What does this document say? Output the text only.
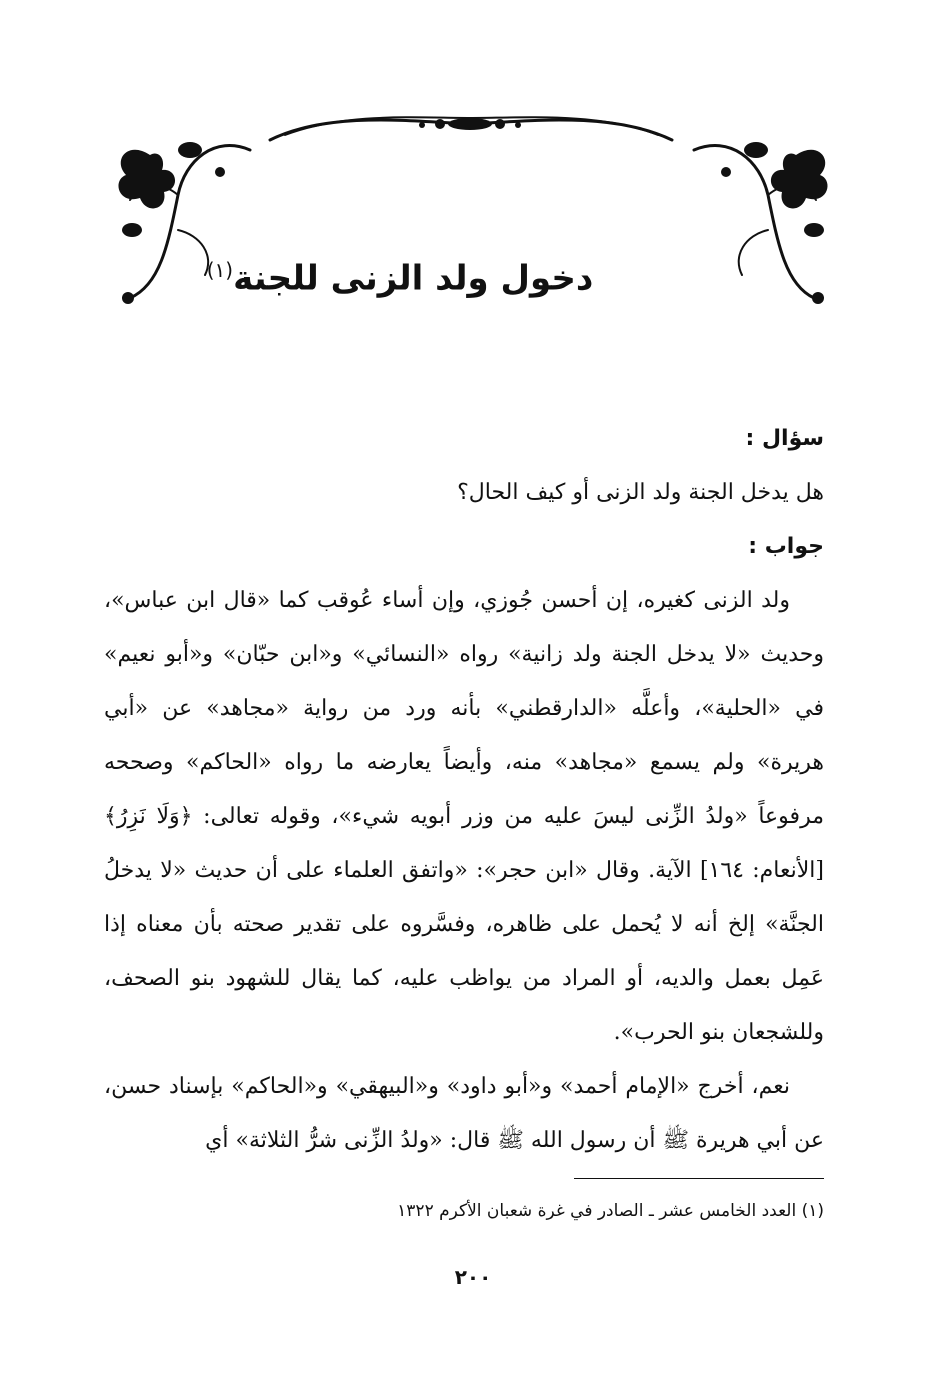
دخول ولد الزنى للجنة$^{(١)}$

سؤال :

هل يدخل الجنة ولد الزنى أو كيف الحال؟

جواب :

ولد الزنى كغيره، إن أحسن جُوزي، وإن أساء عُوقب كما «قال ابن عباس»، وحديث «لا يدخل الجنة ولد زانية» رواه «النسائي» و«ابن حبّان» و«أبو نعيم» في «الحلية»، وأعلَّه «الدارقطني» بأنه ورد من رواية «مجاهد» عن «أبي هريرة» ولم يسمع «مجاهد» منه، وأيضاً يعارضه ما رواه «الحاكم» وصححه مرفوعاً «ولدُ الزِّنى ليسَ عليه من وزر أبويه شيء»، وقوله تعالى: ﴿وَلَا نَزِرُ﴾[الأنعام: ١٦٤] الآية. وقال «ابن حجر»: «واتفق العلماء على أن حديث «لا يدخلُ الجنَّة» إلخ أنه لا يُحمل على ظاهره، وفسَّروه على تقدير صحته بأن معناه إذا عَمِل بعمل والديه، أو المراد من يواظب عليه، كما يقال للشهود بنو الصحف، وللشجعان بنو الحرب».

نعم، أخرج «الإمام أحمد» و«أبو داود» و«البيهقي» و«الحاكم» بإسناد حسن، عن أبي هريرة ﷺ أن رسول الله ﷺ قال: «ولدُ الزِّنى شرُّ الثلاثة» أي

(١) العدد الخامس عشر ـ الصادر في غرة شعبان الأكرم ١٣٢٢
٢٠٠
